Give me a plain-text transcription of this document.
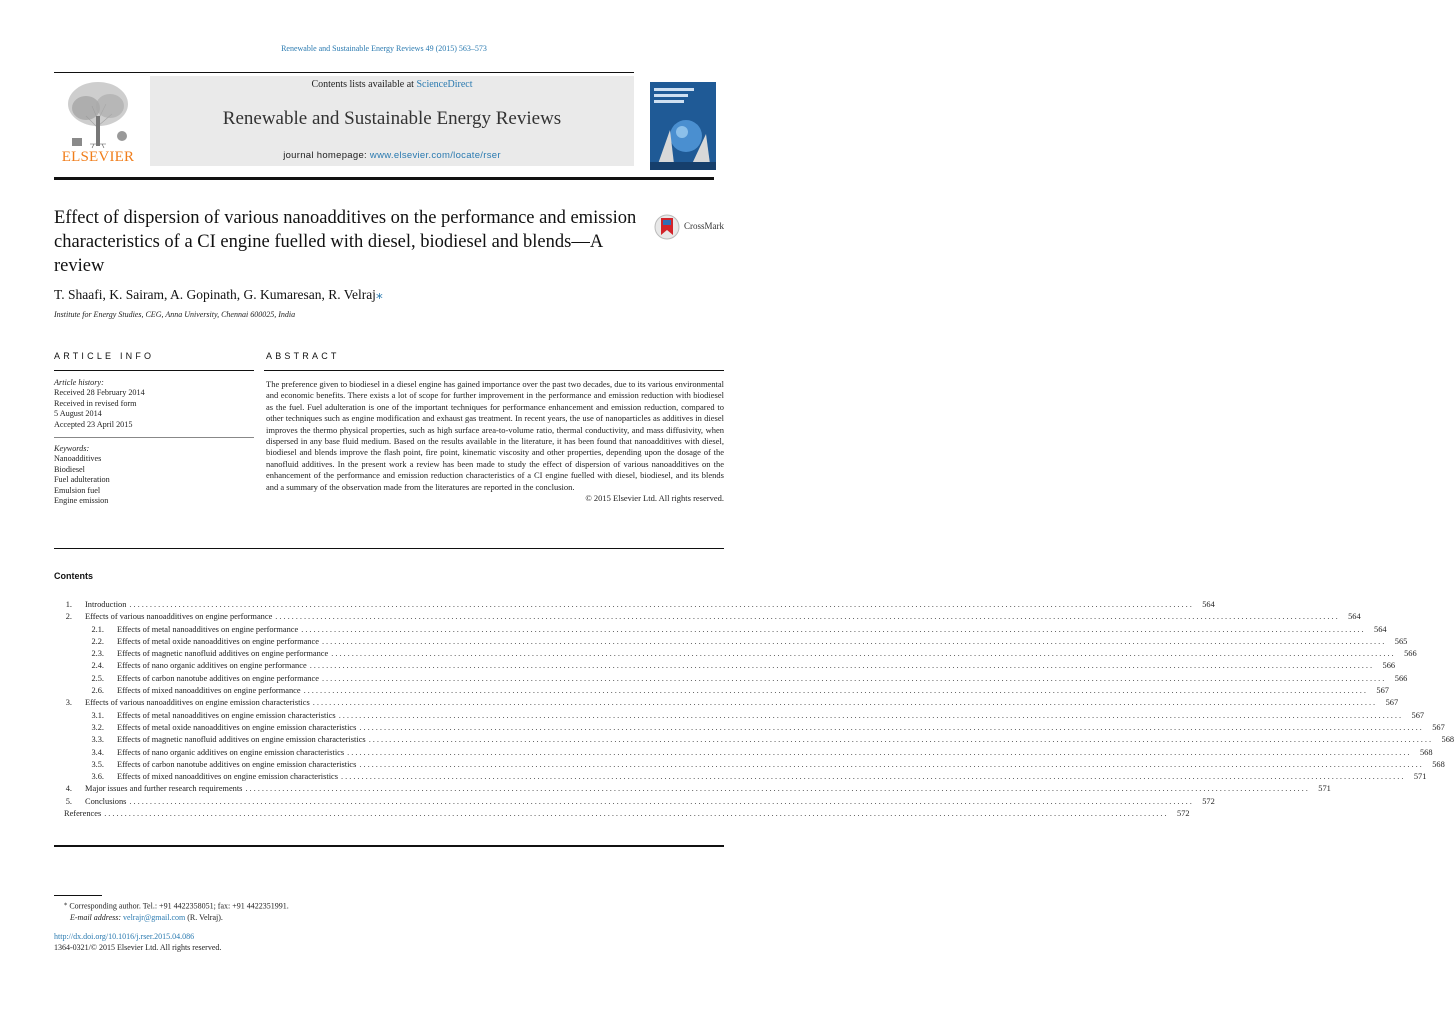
Renewable and Sustainable Energy Reviews 49 (2015) 563–573
ELSEVIER
Contents lists available at ScienceDirect
Renewable and Sustainable Energy Reviews
journal homepage: www.elsevier.com/locate/rser
Effect of dispersion of various nanoadditives on the performance and emission characteristics of a CI engine fuelled with diesel, biodiesel and blends—A review
CrossMark
T. Shaafi, K. Sairam, A. Gopinath, G. Kumaresan, R. Velraj⁎
Institute for Energy Studies, CEG, Anna University, Chennai 600025, India
ARTICLE INFO	ABSTRACT
Article history:
Received 28 February 2014
Received in revised form
5 August 2014
Accepted 23 April 2015
Keywords:
Nanoadditives
Biodiesel
Fuel adulteration
Emulsion fuel
Engine emission
The preference given to biodiesel in a diesel engine has gained importance over the past two decades, due to its various environmental and economic benefits. There exists a lot of scope for further improvement in the performance and emission reduction with biodiesel as the fuel. Fuel adulteration is one of the important techniques for performance enhancement and emission reduction, compared to other techniques such as engine modification and exhaust gas treatment. In recent years, the use of nanoparticles as additives in diesel improves the thermo physical properties, such as high surface area-to-volume ratio, thermal conductivity, and mass diffusivity, when dispersed in any base fluid medium. Based on the results available in the literature, it has been found that nanoadditives with diesel, biodiesel and blends improve the flash point, fire point, kinematic viscosity and other properties, depending upon the dosage of the nanofluid additives. In the present work a review has been made to study the effect of dispersion of various nanoadditives on the enhancement of the performance and emission reduction characteristics of a CI engine fuelled with diesel, biodiesel, and its blends and a summary of the observation made from the literatures are reported in the conclusion.
© 2015 Elsevier Ltd. All rights reserved.
Contents
1. Introduction ....................................................................................................................................................................................................................................................................	564
2. Effects of various nanoadditives on engine performance ....................................................................................................................................................................................................................................................................	564
2.1. Effects of metal nanoadditives on engine performance ....................................................................................................................................................................................................................................................................	564
2.2. Effects of metal oxide nanoadditives on engine performance ....................................................................................................................................................................................................................................................................	565
2.3. Effects of magnetic nanofluid additives on engine performance ....................................................................................................................................................................................................................................................................	566
2.4. Effects of nano organic additives on engine performance ....................................................................................................................................................................................................................................................................	566
2.5. Effects of carbon nanotube additives on engine performance ....................................................................................................................................................................................................................................................................	566
2.6. Effects of mixed nanoadditives on engine performance ....................................................................................................................................................................................................................................................................	567
3. Effects of various nanoadditives on engine emission characteristics ....................................................................................................................................................................................................................................................................	567
3.1. Effects of metal nanoadditives on engine emission characteristics ....................................................................................................................................................................................................................................................................	567
3.2. Effects of metal oxide nanoadditives on engine emission characteristics ....................................................................................................................................................................................................................................................................	567
3.3. Effects of magnetic nanofluid additives on engine emission characteristics ....................................................................................................................................................................................................................................................................	568
3.4. Effects of nano organic additives on engine emission characteristics ....................................................................................................................................................................................................................................................................	568
3.5. Effects of carbon nanotube additives on engine emission characteristics ....................................................................................................................................................................................................................................................................	568
3.6. Effects of mixed nanoadditives on engine emission characteristics ....................................................................................................................................................................................................................................................................	571
4. Major issues and further research requirements ....................................................................................................................................................................................................................................................................	571
5. Conclusions ....................................................................................................................................................................................................................................................................	572
References ....................................................................................................................................................................................................................................................................	572
⁎ Corresponding author. Tel.: +91 4422358051; fax: +91 4422351991.
E-mail address: velrajr@gmail.com (R. Velraj).
http://dx.doi.org/10.1016/j.rser.2015.04.086
1364-0321/© 2015 Elsevier Ltd. All rights reserved.
